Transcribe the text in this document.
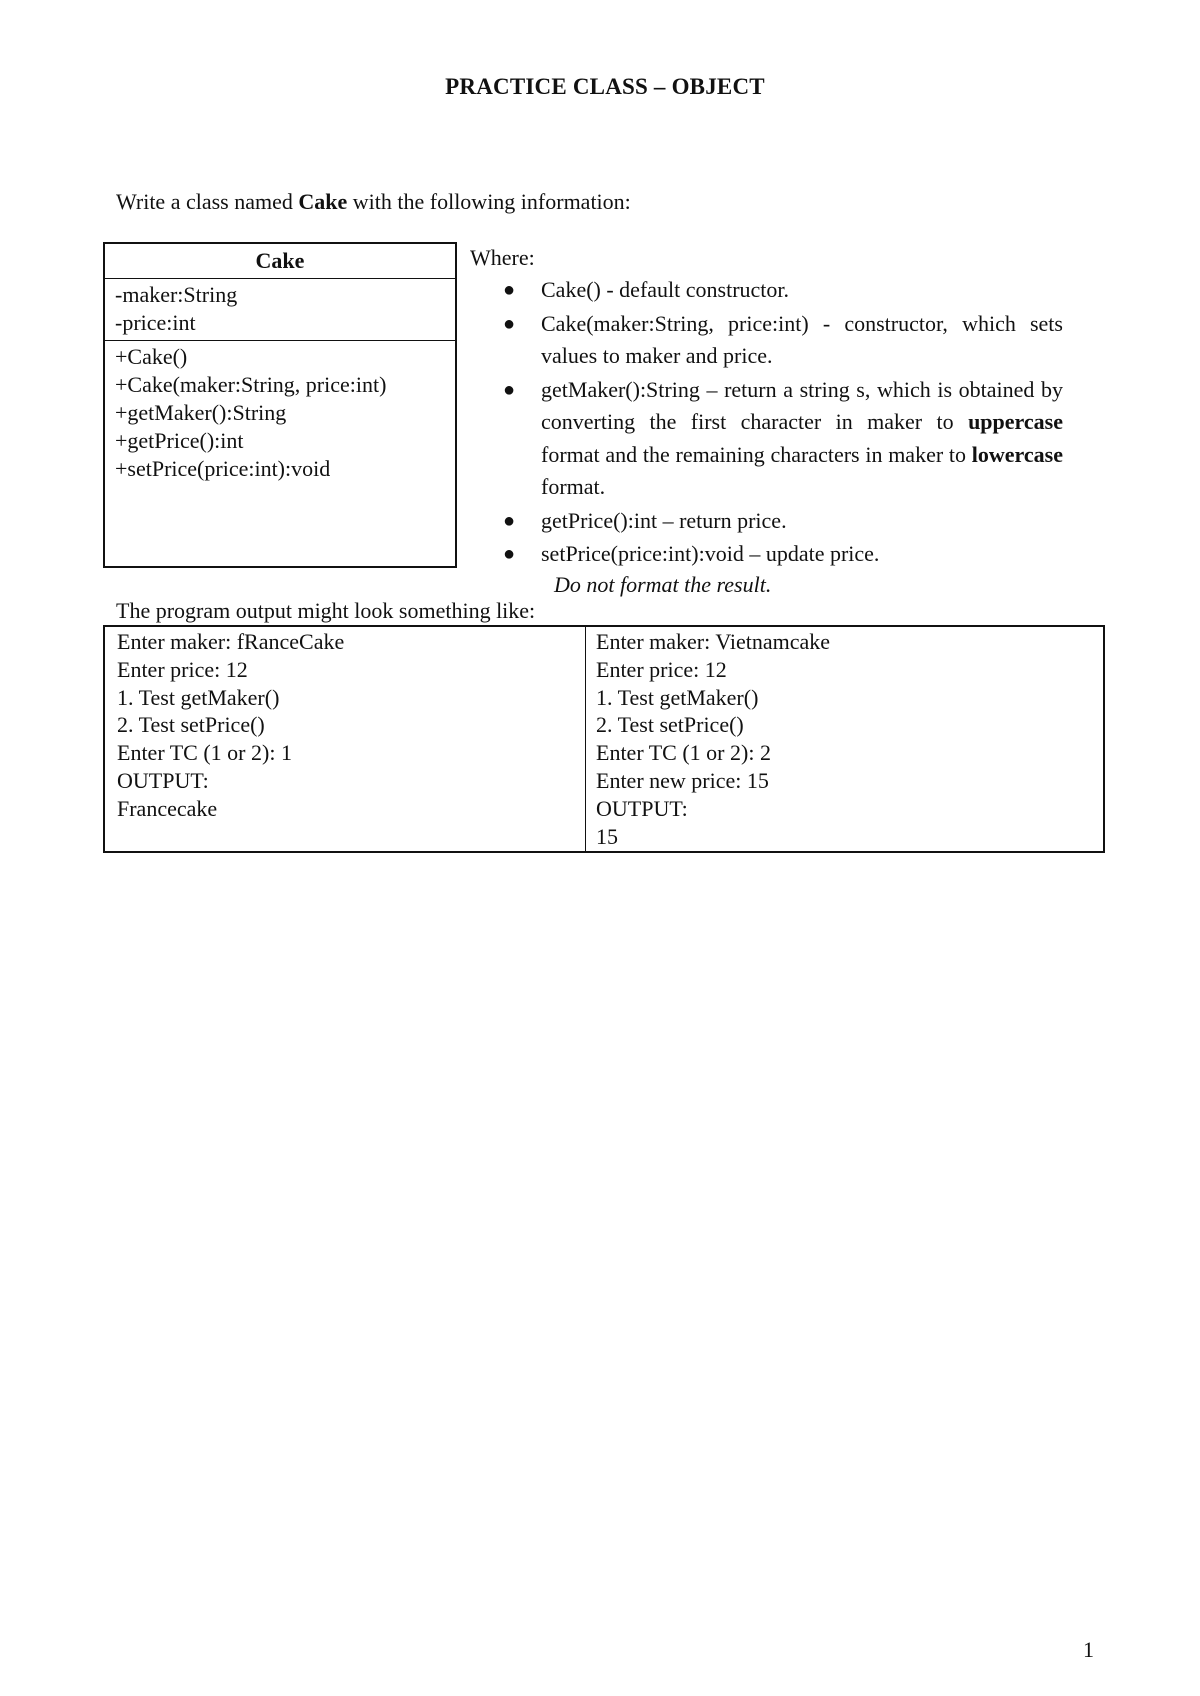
PRACTICE CLASS – OBJECT
Write a class named Cake with the following information:
Cake
-maker:String
-price:int
+Cake()
+Cake(maker:String, price:int)
+getMaker():String
+getPrice():int
+setPrice(price:int):void
Where:
● Cake() - default constructor.
● Cake(maker:String, price:int) - constructor, which sets values to maker and price.
● getMaker():String – return a string s, which is obtained by converting the first character in maker to uppercase format and the remaining characters in maker to lowercase format.
● getPrice():int – return price.
● setPrice(price:int):void – update price.
Do not format the result.
The program output might look something like:
Enter maker: fRanceCake
Enter price: 12
1. Test getMaker()
2. Test setPrice()
Enter TC (1 or 2): 1
OUTPUT:
Francecake
Enter maker: Vietnamcake
Enter price: 12
1. Test getMaker()
2. Test setPrice()
Enter TC (1 or 2): 2
Enter new price: 15
OUTPUT:
15
1
